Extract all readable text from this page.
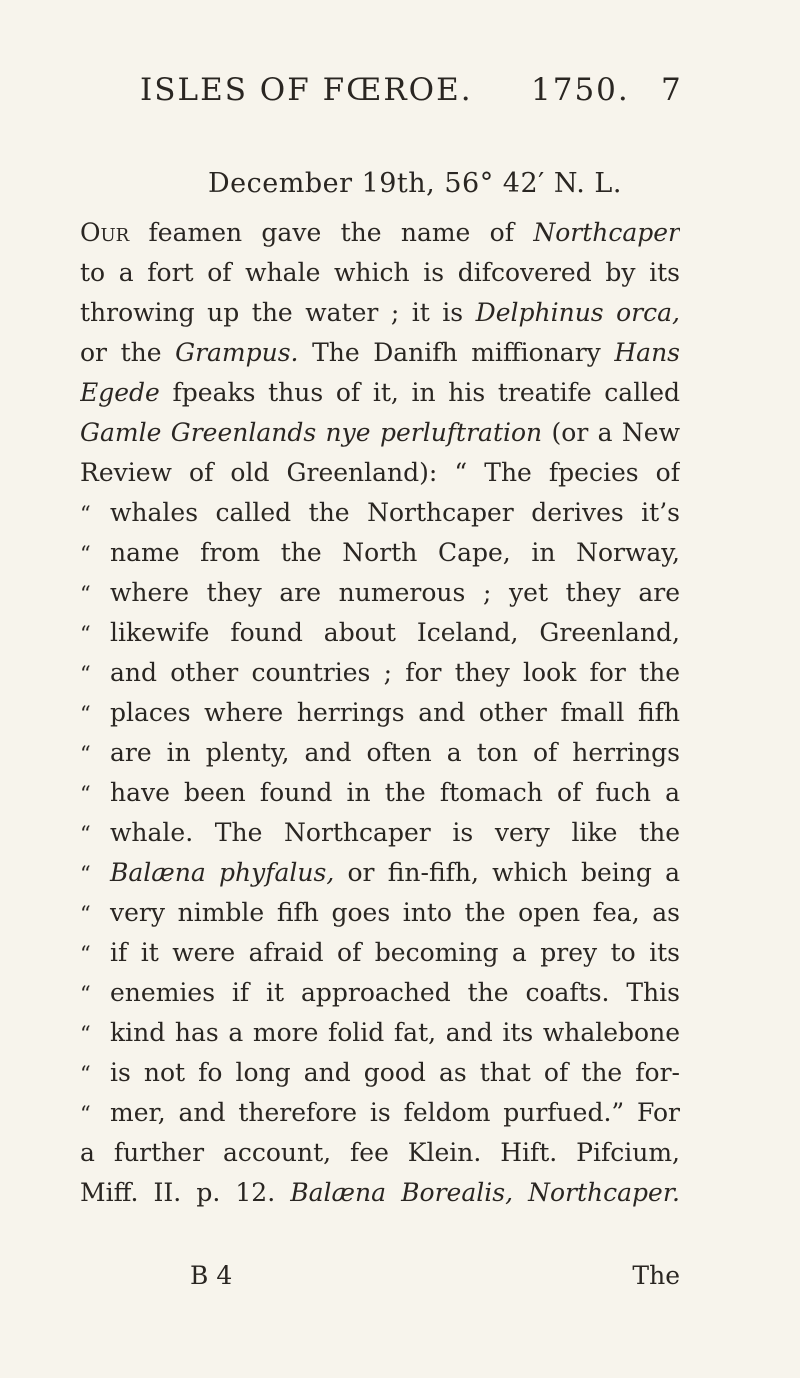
ISLES OF FŒROE. 1750. 7
December 19th, 56° 42′ N. L.
Our feamen gave the name of Northcaper
to a fort of whale which is difcovered by its
throwing up the water ; it is Delphinus orca,
or the Grampus. The Danifh miffionary Hans
Egede fpeaks thus of it, in his treatife called
Gamle Greenlands nye perluftration (or a New
Review of old Greenland): “ The fpecies of
“ whales called the Northcaper derives it’s
“ name from the North Cape, in Norway,
“ where they are numerous ; yet they are
“ likewife found about Iceland, Greenland,
“ and other countries ; for they look for the
“ places where herrings and other fmall fifh
“ are in plenty, and often a ton of herrings
“ have been found in the ftomach of fuch a
“ whale. The Northcaper is very like the
“ Balæna phyfalus, or fin-fifh, which being a
“ very nimble fifh goes into the open fea, as
“ if it were afraid of becoming a prey to its
“ enemies if it approached the coafts. This
“ kind has a more folid fat, and its whalebone
“ is not fo long and good as that of the for-
“ mer, and therefore is feldom purfued.” For
a further account, fee Klein. Hift. Pifcium,
Miff. II. p. 12. Balæna Borealis, Northcaper.
B 4	The
